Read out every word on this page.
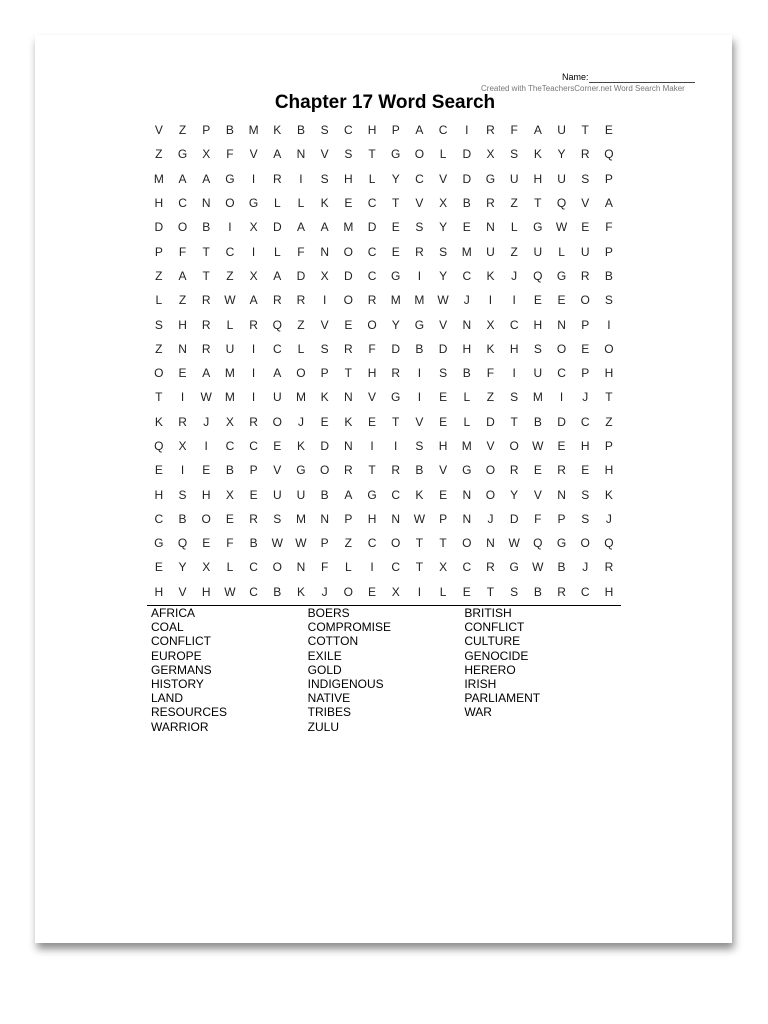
Name:
Created with TheTeachersCorner.net Word Search Maker
Chapter 17 Word Search
V	Z	P	B	M	K	B	S	C	H	P	A	C	I	R	F	A	U	T	E
Z	G	X	F	V	A	N	V	S	T	G	O	L	D	X	S	K	Y	R	Q
M	A	A	G	I	R	I	S	H	L	Y	C	V	D	G	U	H	U	S	P
H	C	N	O	G	L	L	K	E	C	T	V	X	B	R	Z	T	Q	V	A
D	O	B	I	X	D	A	A	M	D	E	S	Y	E	N	L	G	W	E	F
P	F	T	C	I	L	F	N	O	C	E	R	S	M	U	Z	U	L	U	P
Z	A	T	Z	X	A	D	X	D	C	G	I	Y	C	K	J	Q	G	R	B
L	Z	R	W	A	R	R	I	O	R	M	M	W	J	I	I	E	E	O	S
S	H	R	L	R	Q	Z	V	E	O	Y	G	V	N	X	C	H	N	P	I
Z	N	R	U	I	C	L	S	R	F	D	B	D	H	K	H	S	O	E	O
O	E	A	M	I	A	O	P	T	H	R	I	S	B	F	I	U	C	P	H
T	I	W	M	I	U	M	K	N	V	G	I	E	L	Z	S	M	I	J	T
K	R	J	X	R	O	J	E	K	E	T	V	E	L	D	T	B	D	C	Z
Q	X	I	C	C	E	K	D	N	I	I	S	H	M	V	O	W	E	H	P
E	I	E	B	P	V	G	O	R	T	R	B	V	G	O	R	E	R	E	H
H	S	H	X	E	U	U	B	A	G	C	K	E	N	O	Y	V	N	S	K
C	B	O	E	R	S	M	N	P	H	N	W	P	N	J	D	F	P	S	J
G	Q	E	F	B	W	W	P	Z	C	O	T	T	O	N	W	Q	G	O	Q
E	Y	X	L	C	O	N	F	L	I	C	T	X	C	R	G	W	B	J	R
H	V	H	W	C	B	K	J	O	E	X	I	L	E	T	S	B	R	C	H
AFRICA
COAL
CONFLICT
EUROPE
GERMANS
HISTORY
LAND
RESOURCES
WARRIOR
BOERS
COMPROMISE
COTTON
EXILE
GOLD
INDIGENOUS
NATIVE
TRIBES
ZULU
BRITISH
CONFLICT
CULTURE
GENOCIDE
HERERO
IRISH
PARLIAMENT
WAR
